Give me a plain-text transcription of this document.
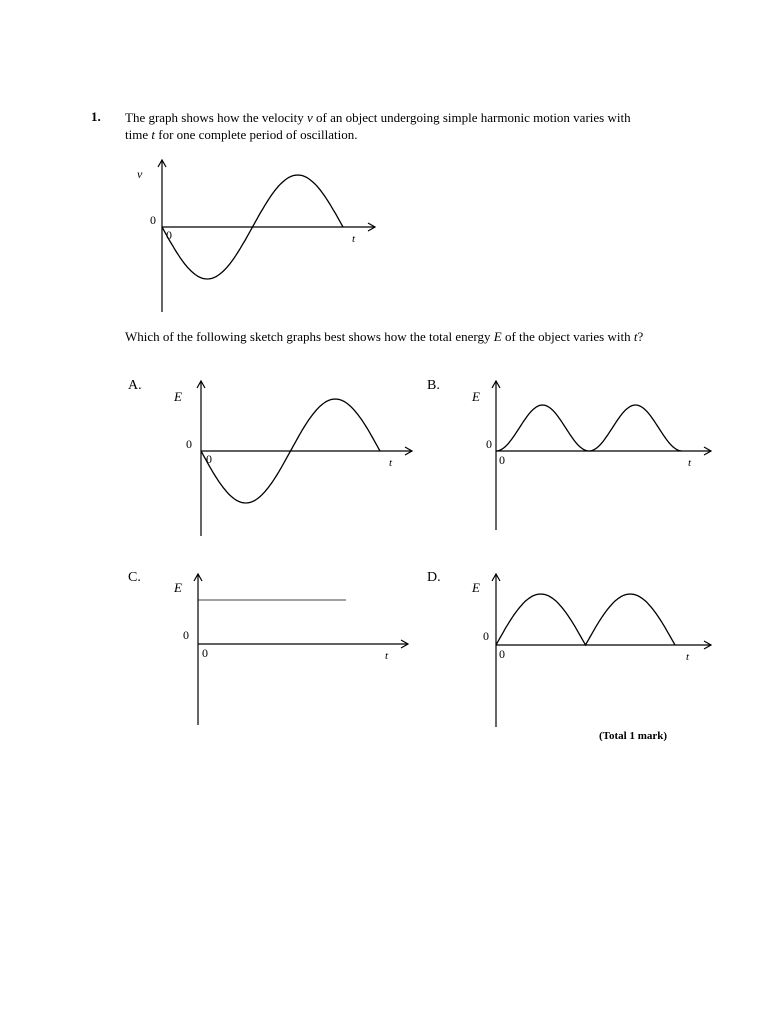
1. The graph shows how the velocity v of an object undergoing simple harmonic motion varies with time t for one complete period of oscillation.
Which of the following sketch graphs best shows how the total energy E of the object varies with t?
A.	B.
C.	D.
v
0
0	t
E
0
0	t
E
0
0	t
E
0
0	t
E
0
0	t
(Total 1 mark)
